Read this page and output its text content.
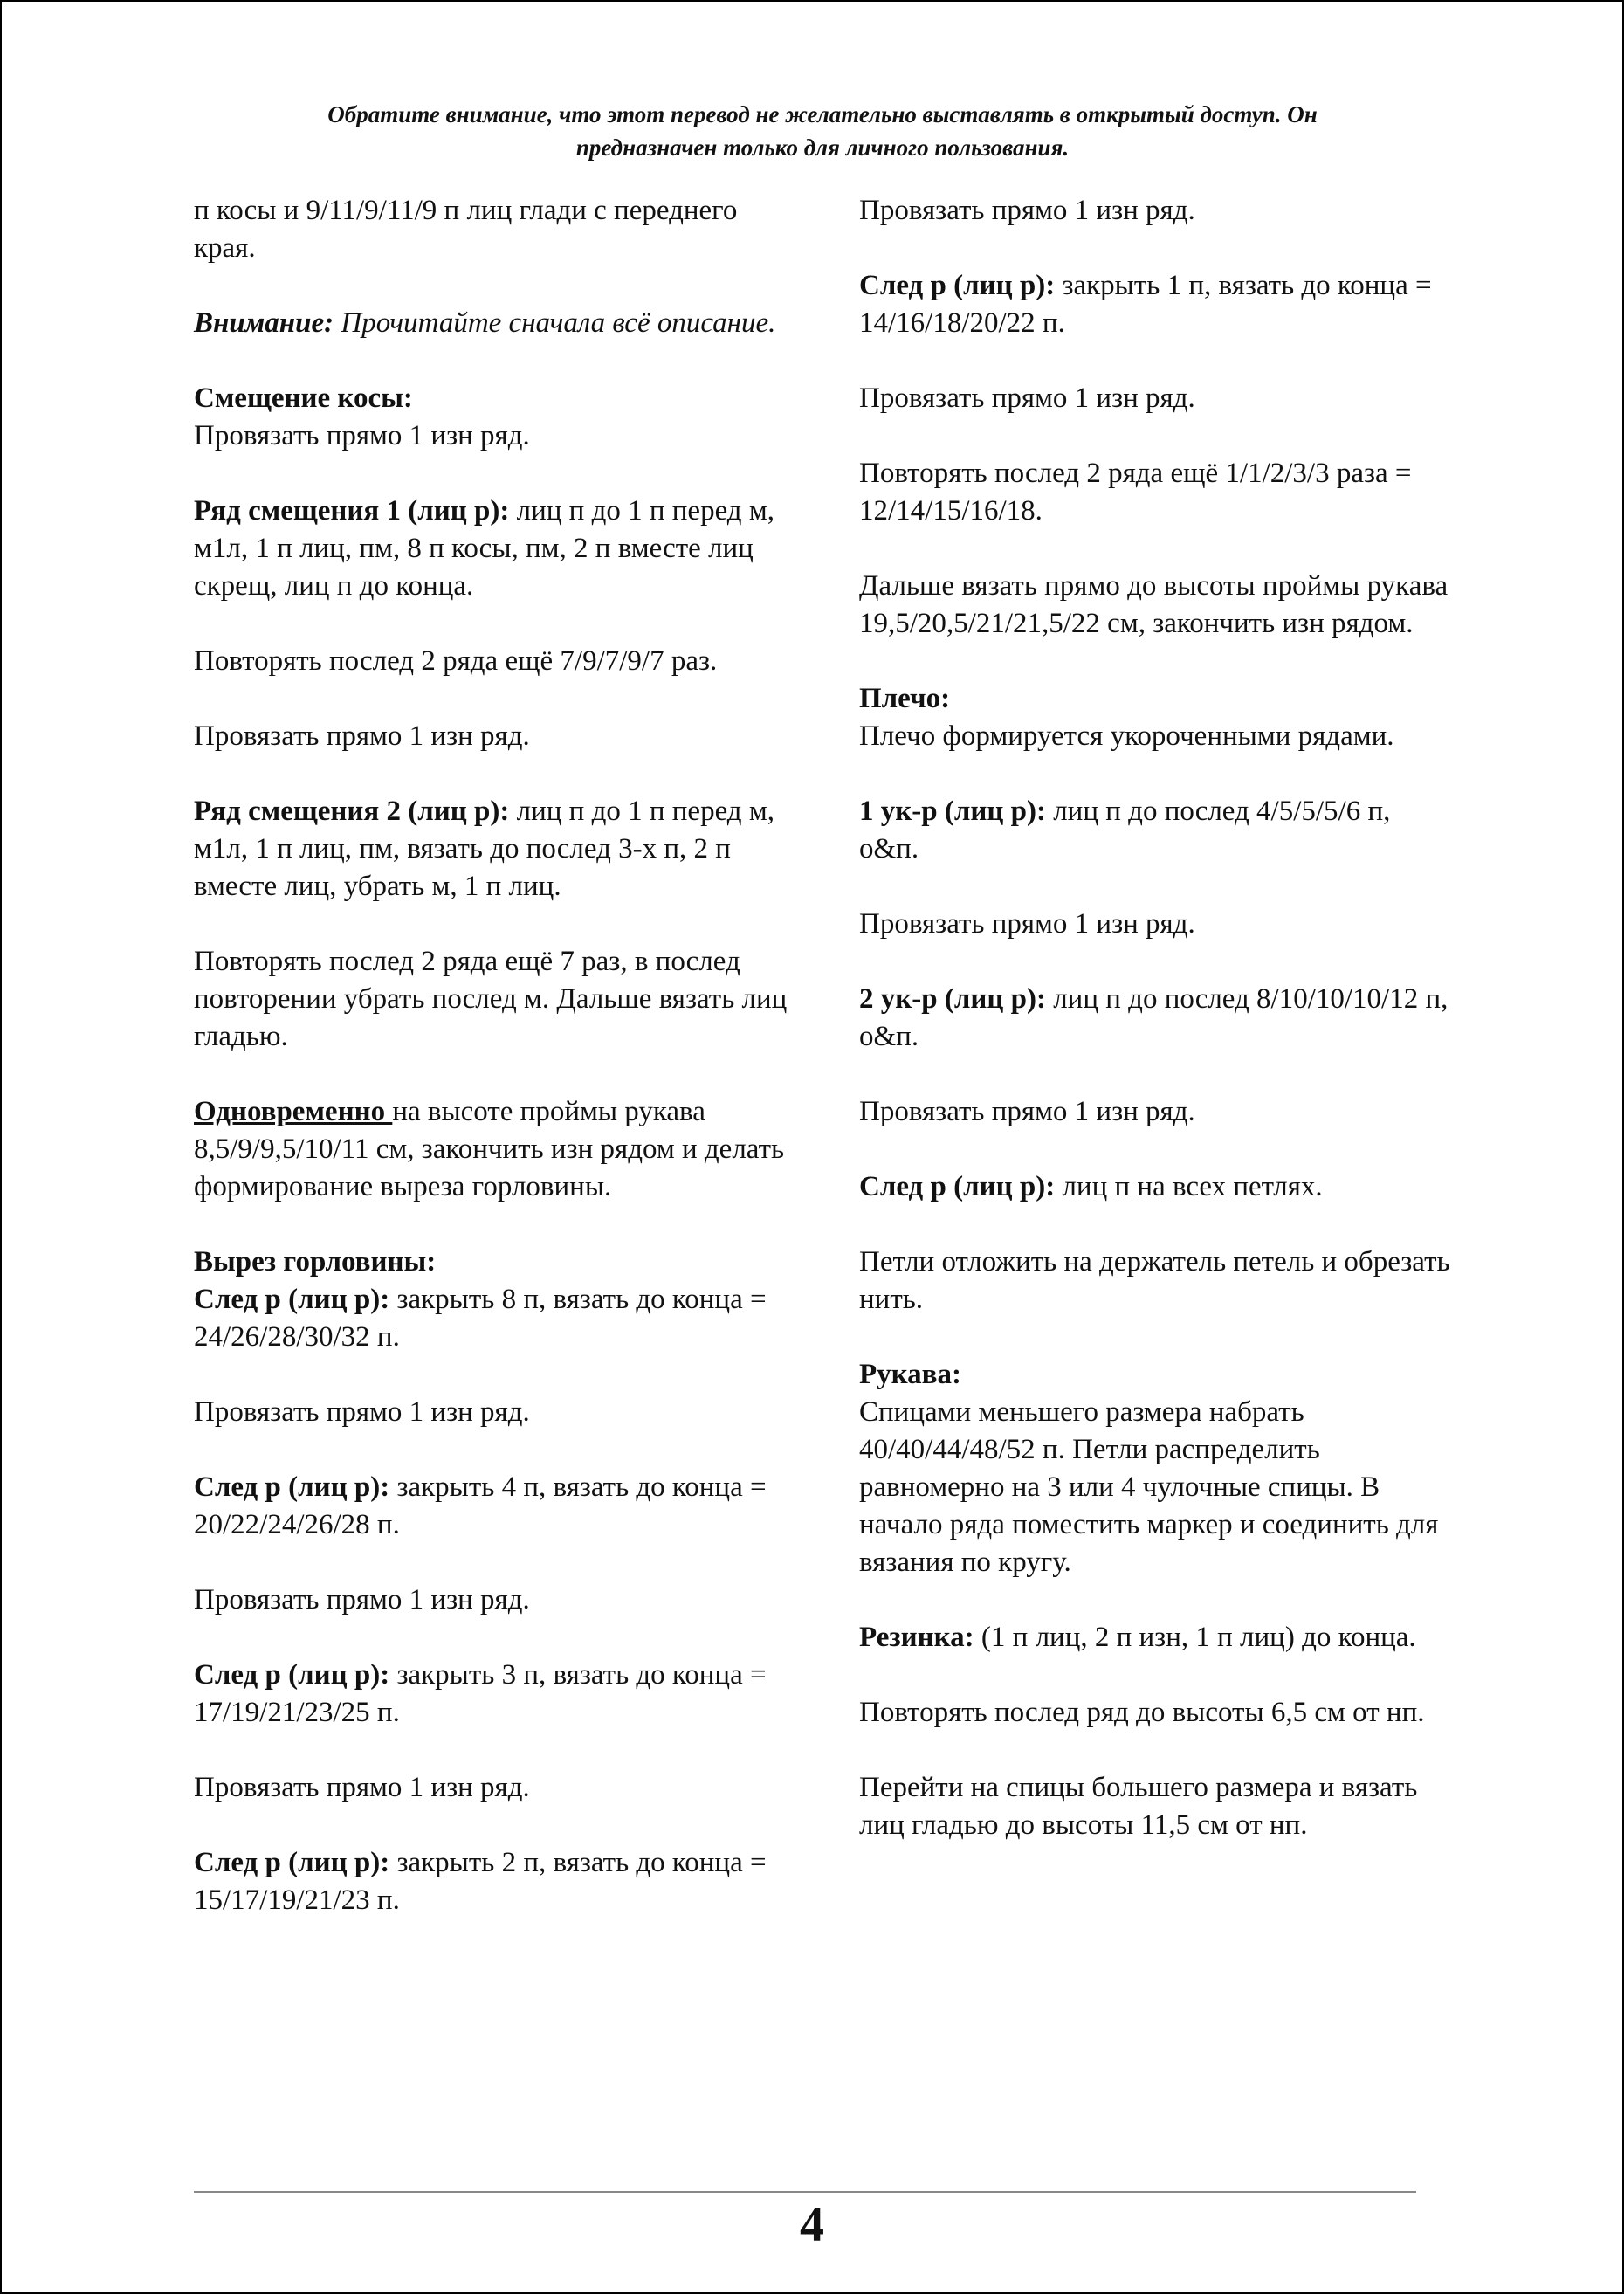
Обратите внимание, что этот перевод не желательно выставлять в открытый доступ. Он
предназначен только для личного пользования.

п косы и 9/11/9/11/9 п лиц глади с переднего края.

Внимание: Прочитайте сначала всё описание.

Смещение косы:
Провязать прямо 1 изн ряд.

Ряд смещения 1 (лиц р): лиц п до 1 п перед м, м1л, 1 п лиц, пм, 8 п косы, пм, 2 п вместе лиц скрещ, лиц п до конца.

Повторять послед 2 ряда ещё 7/9/7/9/7 раз.

Провязать прямо 1 изн ряд.

Ряд смещения 2 (лиц р): лиц п до 1 п перед м, м1л, 1 п лиц, пм, вязать до послед 3-х п, 2 п вместе лиц, убрать м, 1 п лиц.

Повторять послед 2 ряда ещё 7 раз, в послед повторении убрать послед м. Дальше вязать лиц гладью.

Одновременно на высоте проймы рукава 8,5/9/9,5/10/11 см, закончить изн рядом и делать формирование выреза горловины.

Вырез горловины:
След р (лиц р): закрыть 8 п, вязать до конца = 24/26/28/30/32 п.

Провязать прямо 1 изн ряд.

След р (лиц р): закрыть 4 п, вязать до конца = 20/22/24/26/28 п.

Провязать прямо 1 изн ряд.

След р (лиц р): закрыть 3 п, вязать до конца = 17/19/21/23/25 п.

Провязать прямо 1 изн ряд.

След р (лиц р): закрыть 2 п, вязать до конца = 15/17/19/21/23 п.

Провязать прямо 1 изн ряд.

След р (лиц р): закрыть 1 п, вязать до конца = 14/16/18/20/22 п.

Провязать прямо 1 изн ряд.

Повторять послед 2 ряда ещё 1/1/2/3/3 раза = 12/14/15/16/18.

Дальше вязать прямо до высоты проймы рукава 19,5/20,5/21/21,5/22 см, закончить изн рядом.

Плечо:
Плечо формируется укороченными рядами.

1 ук-р (лиц р): лиц п до послед 4/5/5/5/6 п, о&п.

Провязать прямо 1 изн ряд.

2 ук-р (лиц р): лиц п до послед 8/10/10/10/12 п, о&п.

Провязать прямо 1 изн ряд.

След р (лиц р): лиц п на всех петлях.

Петли отложить на держатель петель и обрезать нить.

Рукава:
Спицами меньшего размера набрать 40/40/44/48/52 п. Петли распределить равномерно на 3 или 4 чулочные спицы. В начало ряда поместить маркер и соединить для вязания по кругу.

Резинка: (1 п лиц, 2 п изн, 1 п лиц) до конца.

Повторять послед ряд до высоты 6,5 см от нп.

Перейти на спицы большего размера и вязать лиц гладью до высоты 11,5 см от нп.

4
